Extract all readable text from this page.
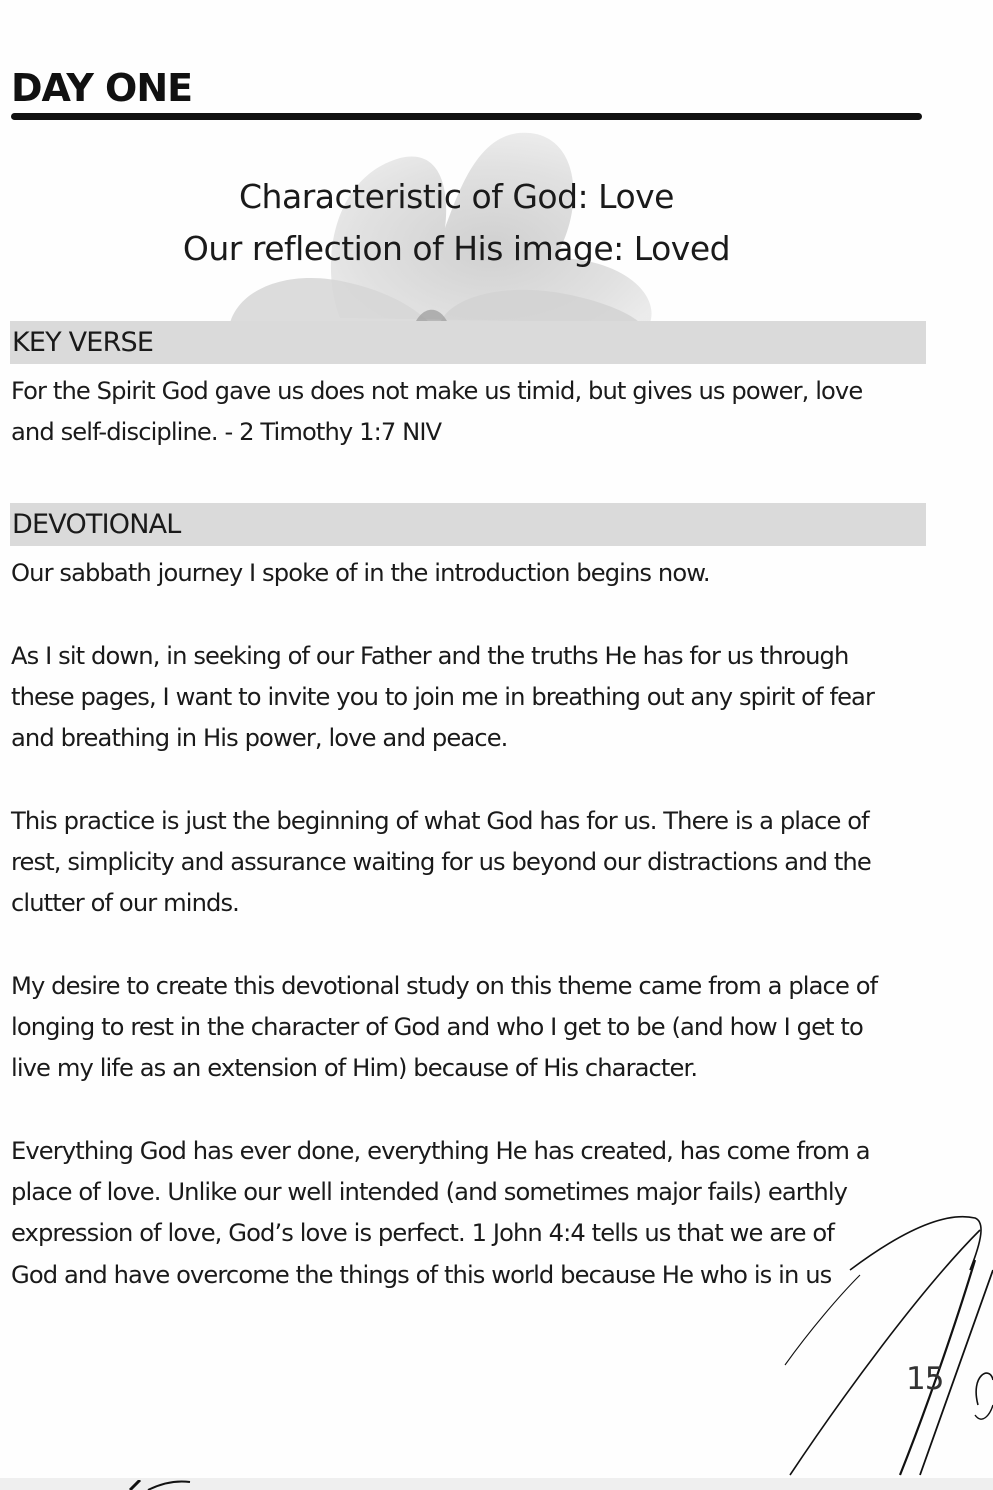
DAY ONE
Characteristic of God: Love
Our reflection of His image: Loved
KEY VERSE

For the Spirit God gave us does not make us timid, but gives us power, love
and self-discipline. - 2 Timothy 1:7 NIV

DEVOTIONAL

Our sabbath journey I spoke of in the introduction begins now.

As I sit down, in seeking of our Father and the truths He has for us through
these pages, I want to invite you to join me in breathing out any spirit of fear
and breathing in His power, love and peace.

This practice is just the beginning of what God has for us. There is a place of
rest, simplicity and assurance waiting for us beyond our distractions and the
clutter of our minds.

My desire to create this devotional study on this theme came from a place of
longing to rest in the character of God and who I get to be (and how I get to
live my life as an extension of Him) because of His character.

Everything God has ever done, everything He has created, has come from a
place of love. Unlike our well intended (and sometimes major fails) earthly
expression of love, God’s love is perfect. 1 John 4:4 tells us that we are of
God and have overcome the things of this world because He who is in us

15
